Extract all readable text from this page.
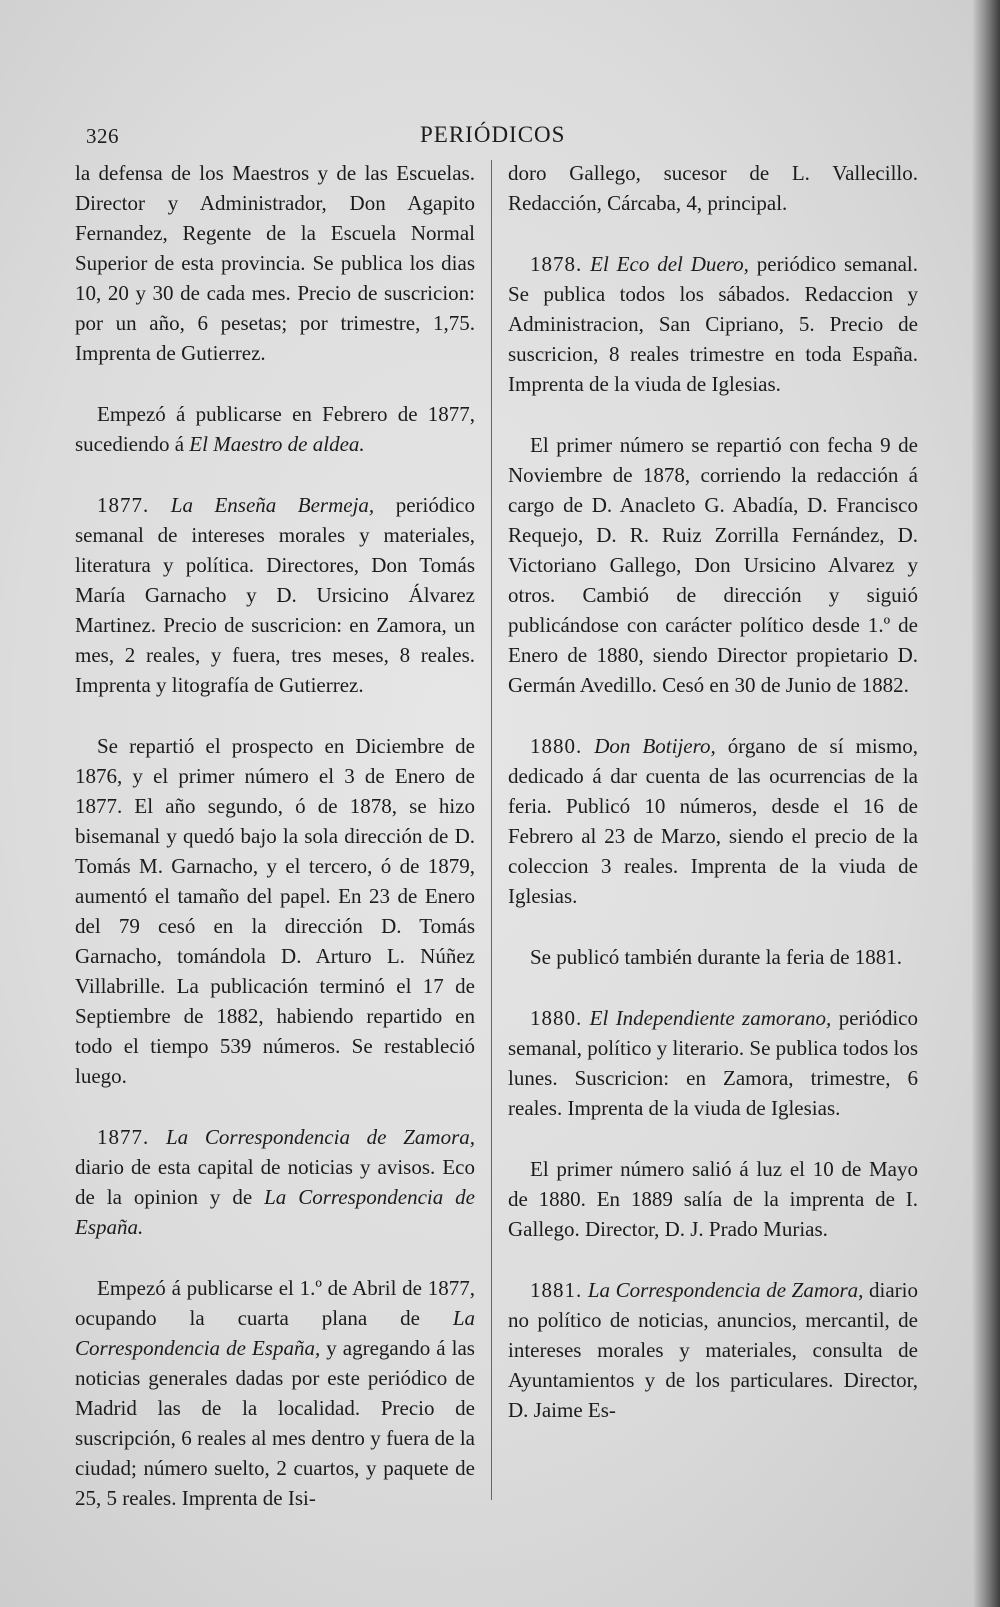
326	PERIÓDICOS

la defensa de los Maestros y de las Escuelas. Director y Administrador, Don Agapito Fernandez, Regente de la Escuela Normal Superior de esta provincia. Se publica los dias 10, 20 y 30 de cada mes. Precio de suscricion: por un año, 6 pesetas; por trimestre, 1,75. Imprenta de Gutierrez.

Empezó á publicarse en Febrero de 1877, sucediendo á El Maestro de aldea.
1877. La Enseña Bermeja, periódico semanal de intereses morales y materiales, literatura y política. Directores, Don Tomás María Garnacho y D. Ursicino Álvarez Martinez. Precio de suscricion: en Zamora, un mes, 2 reales, y fuera, tres meses, 8 reales. Imprenta y litografía de Gutierrez.
Se repartió el prospecto en Diciembre de 1876, y el primer número el 3 de Enero de 1877. El año segundo, ó de 1878, se hizo bisemanal y quedó bajo la sola dirección de D. Tomás M. Garnacho, y el tercero, ó de 1879, aumentó el tamaño del papel. En 23 de Enero del 79 cesó en la dirección D. Tomás Garnacho, tomándola D. Arturo L. Núñez Villabrille. La publicación terminó el 17 de Septiembre de 1882, habiendo repartido en todo el tiempo 539 números. Se restableció luego.
1877. La Correspondencia de Zamora, diario de esta capital de noticias y avisos. Eco de la opinion y de La Correspondencia de España.
Empezó á publicarse el 1.º de Abril de 1877, ocupando la cuarta plana de La Correspondencia de España, y agregando á las noticias generales dadas por este periódico de Madrid las de la localidad. Precio de suscripción, 6 reales al mes dentro y fuera de la ciudad; número suelto, 2 cuartos, y paquete de 25, 5 reales. Imprenta de Isi-

doro Gallego, sucesor de L. Vallecillo. Redacción, Cárcaba, 4, principal.

1878. El Eco del Duero, periódico semanal. Se publica todos los sábados. Redaccion y Administracion, San Cipriano, 5. Precio de suscricion, 8 reales trimestre en toda España. Imprenta de la viuda de Iglesias.
El primer número se repartió con fecha 9 de Noviembre de 1878, corriendo la redacción á cargo de D. Anacleto G. Abadía, D. Francisco Requejo, D. R. Ruiz Zorrilla Fernández, D. Victoriano Gallego, Don Ursicino Alvarez y otros. Cambió de dirección y siguió publicándose con carácter político desde 1.º de Enero de 1880, siendo Director propietario D. Germán Avedillo. Cesó en 30 de Junio de 1882.
1880. Don Botijero, órgano de sí mismo, dedicado á dar cuenta de las ocurrencias de la feria. Publicó 10 números, desde el 16 de Febrero al 23 de Marzo, siendo el precio de la coleccion 3 reales. Imprenta de la viuda de Iglesias.
Se publicó también durante la feria de 1881.
1880. El Independiente zamorano, periódico semanal, político y literario. Se publica todos los lunes. Suscricion: en Zamora, trimestre, 6 reales. Imprenta de la viuda de Iglesias.
El primer número salió á luz el 10 de Mayo de 1880. En 1889 salía de la imprenta de I. Gallego. Director, D. J. Prado Murias.
1881. La Correspondencia de Zamora, diario no político de noticias, anuncios, mercantil, de intereses morales y materiales, consulta de Ayuntamientos y de los particulares. Director, D. Jaime Es-
